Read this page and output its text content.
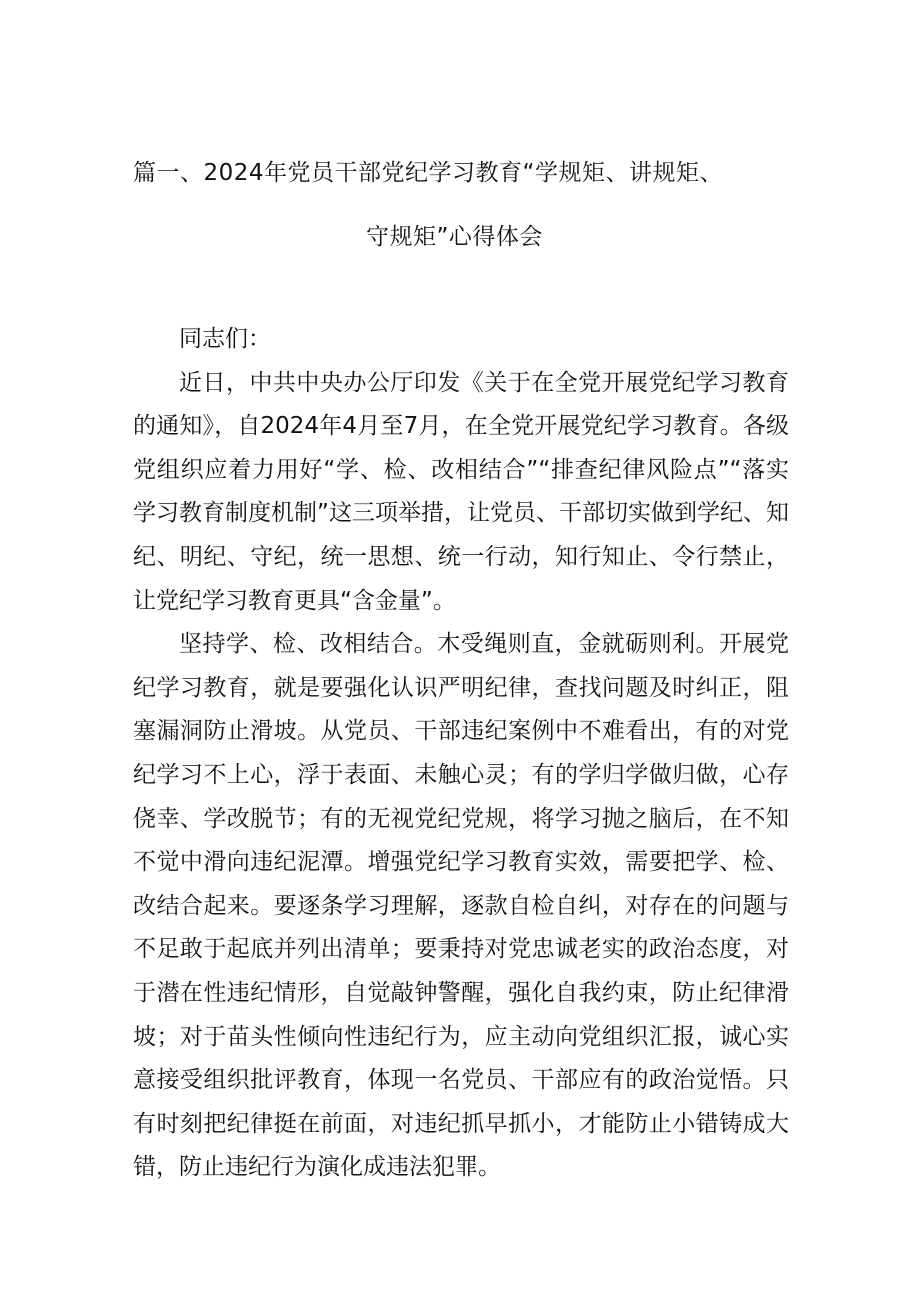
篇一、2024年党员干部党纪学习教育“学规矩、讲规矩、
守规矩”心得体会

同志们：

近日，中共中央办公厅印发《关于在全党开展党纪学习教育的通知》，自2024年4月至7月，在全党开展党纪学习教育。各级党组织应着力用好“学、检、改相结合”“排查纪律风险点”“落实学习教育制度机制”这三项举措，让党员、干部切实做到学纪、知纪、明纪、守纪，统一思想、统一行动，知行知止、令行禁止，让党纪学习教育更具“含金量”。

坚持学、检、改相结合。木受绳则直，金就砺则利。开展党纪学习教育，就是要强化认识严明纪律，查找问题及时纠正，阻塞漏洞防止滑坡。从党员、干部违纪案例中不难看出，有的对党纪学习不上心，浮于表面、未触心灵；有的学归学做归做，心存侥幸、学改脱节；有的无视党纪党规，将学习抛之脑后，在不知不觉中滑向违纪泥潭。增强党纪学习教育实效，需要把学、检、改结合起来。要逐条学习理解，逐款自检自纠，对存在的问题与不足敢于起底并列出清单；要秉持对党忠诚老实的政治态度，对于潜在性违纪情形，自觉敲钟警醒，强化自我约束，防止纪律滑坡；对于苗头性倾向性违纪行为，应主动向党组织汇报，诚心实意接受组织批评教育，体现一名党员、干部应有的政治觉悟。只有时刻把纪律挺在前面，对违纪抓早抓小，才能防止小错铸成大错，防止违纪行为演化成违法犯罪。
